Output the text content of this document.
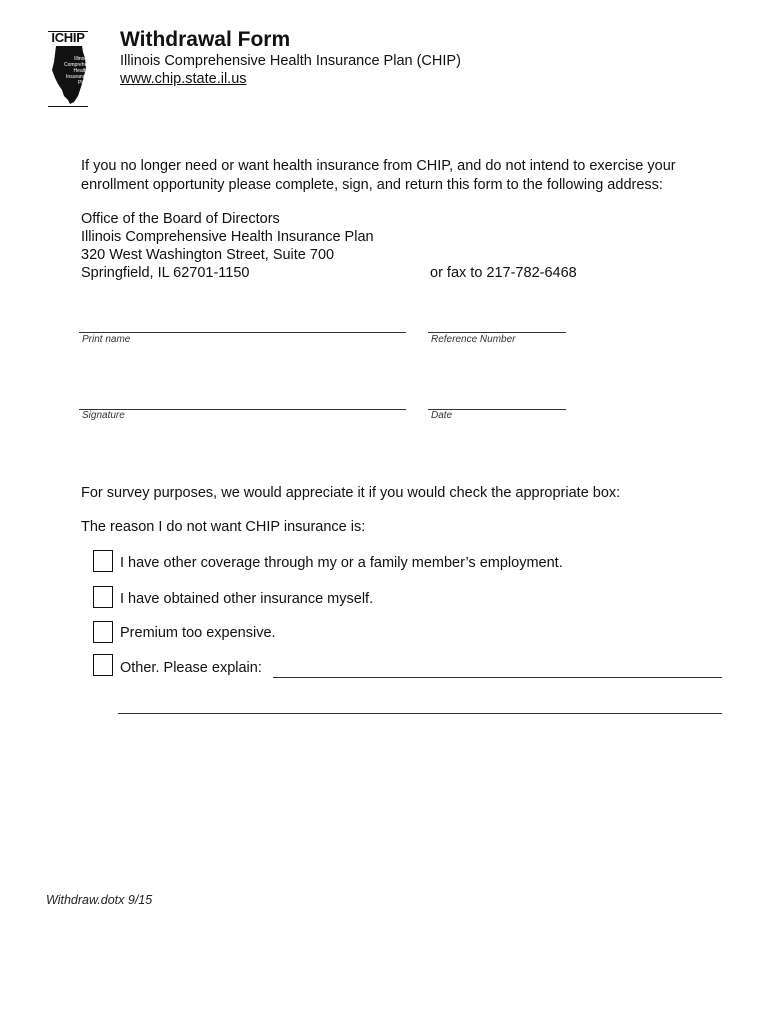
ICHIP
Illinois Comprehensive Health Insurance Plan
Withdrawal Form
Illinois Comprehensive Health Insurance Plan (CHIP)
www.chip.state.il.us
If you no longer need or want health insurance from CHIP, and do not intend to exercise your enrollment opportunity please complete, sign, and return this form to the following address:
Office of the Board of Directors
Illinois Comprehensive Health Insurance Plan
320 West Washington Street, Suite 700
Springfield, IL 62701-1150	or fax to 217-782-6468
Print name	Reference Number
Signature	Date
For survey purposes, we would appreciate it if you would check the appropriate box:
The reason I do not want CHIP insurance is:
I have other coverage through my or a family member’s employment.
I have obtained other insurance myself.
Premium too expensive.
Other. Please explain:
Withdraw.dotx 9/15
